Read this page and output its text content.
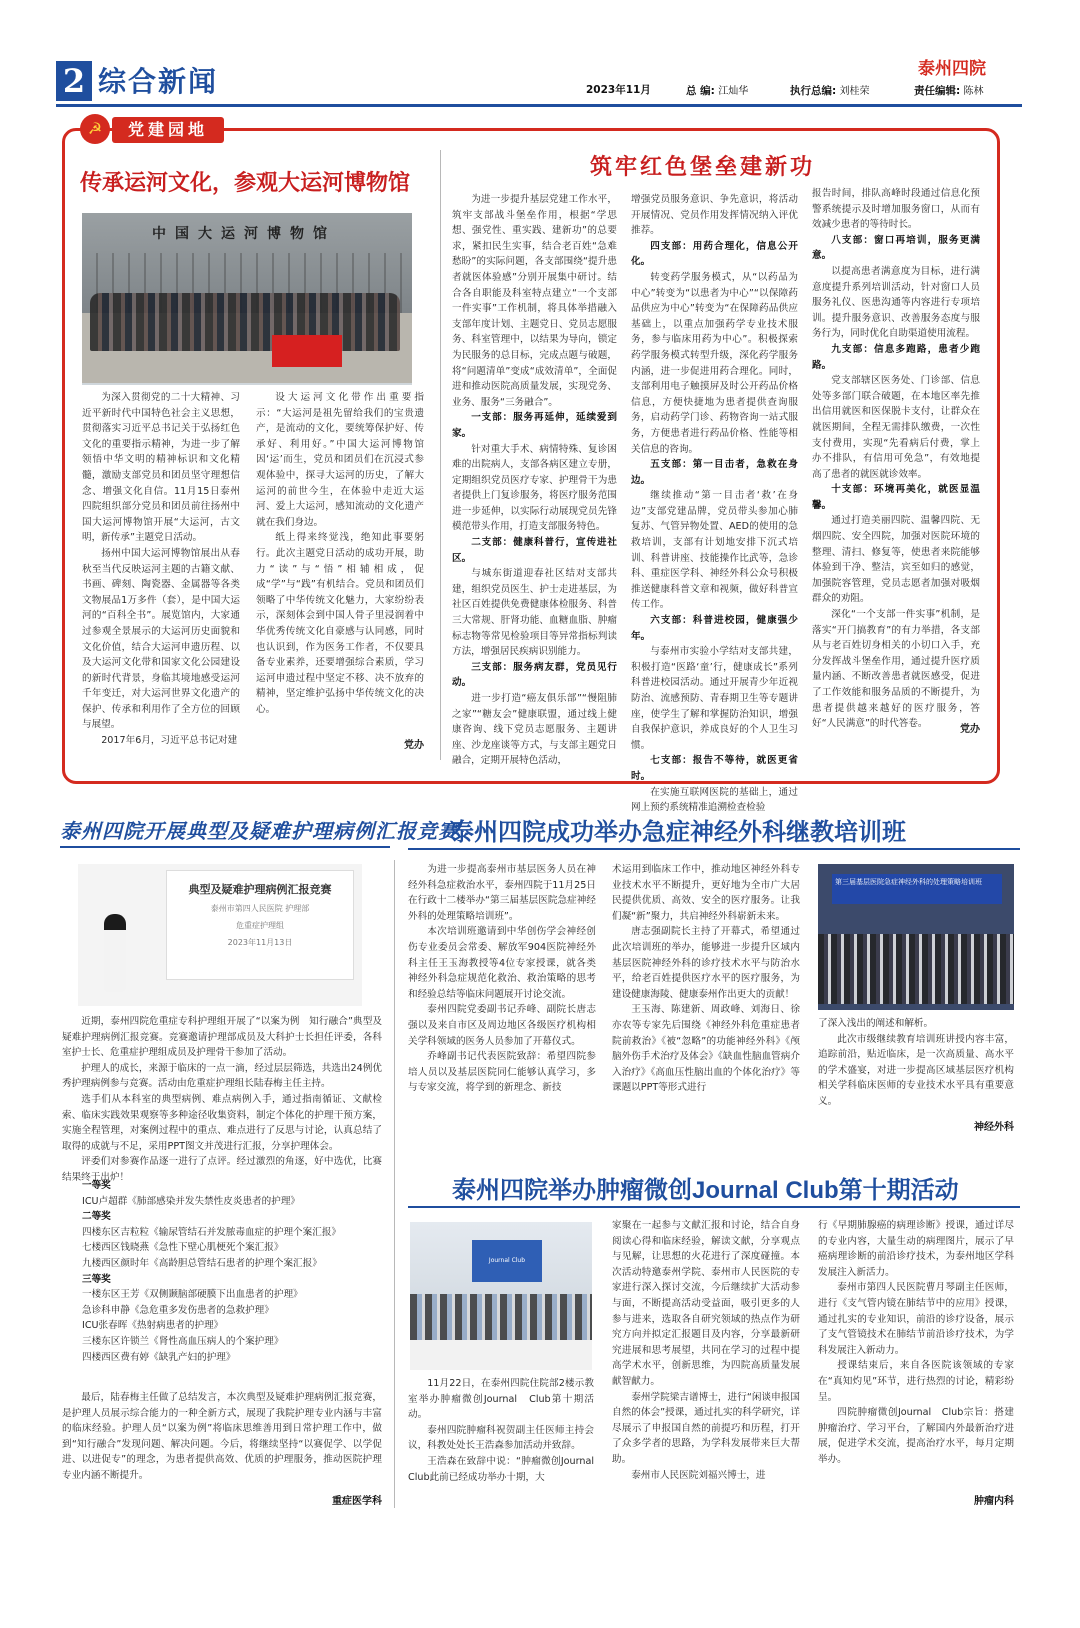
2 综合新闻	泰州四院
2023年11月	总 编: 江灿华	执行总编: 刘桂荣	责任编辑: 陈林
☭	党建园地
传承运河文化，参观大运河博物馆
中国大运河博物馆

为深入贯彻党的二十大精神、习近平新时代中国特色社会主义思想，贯彻落实习近平总书记关于弘扬红色文化的重要指示精神，为进一步了解领悟中华文明的精神标识和文化精髓，激励支部党员和团员坚守理想信念、增强文化自信。11月15日泰州四院组织部分党员和团员前往扬州中国大运河博物馆开展“大运河，古文明，新传承”主题党日活动。

扬州中国大运河博物馆展出从春秋至当代反映运河主题的古籍文献、书画、碑刻、陶瓷器、金属器等各类文物展品1万多件（套），是中国大运河的“百科全书”。展览馆内，大家通过参观全景展示的大运河历史面貌和文化价值，结合大运河申遗历程、以及大运河文化带和国家文化公园建设的新时代背景，身临其境地感受运河千年变迁，对大运河世界文化遗产的保护、传承和利用作了全方位的回顾与展望。

2017年6月，习近平总书记对建

设大运河文化带作出重要指示：“大运河是祖先留给我们的宝贵遗产，是流动的文化，要统筹保护好、传承好、利用好。”中国大运河博物馆因‘运’而生，党员和团员们在沉浸式参观体验中，探寻大运河的历史，了解大运河的前世今生，在体验中走近大运河、爱上大运河，感知流动的文化遗产就在我们身边。

纸上得来终觉浅，绝知此事要躬行。此次主题党日活动的成功开展，助力“读”与“悟”相辅相成，促成“学”与“践”有机结合。党员和团员们领略了中华传统文化魅力，大家纷纷表示，深刻体会到中国人骨子里浸润着中华优秀传统文化自豪感与认同感，同时也认识到，作为医务工作者，不仅要具备专业素养，还要增强综合素质，学习运河申遗过程中坚定不移、决不放弃的精神，坚定维护弘扬中华传统文化的决心。

党办
筑牢红色堡垒建新功

为进一步提升基层党建工作水平，筑牢支部战斗堡垒作用，根据“学思想、强党性、重实践、建新功”的总要求，紧扣民生实事，结合老百姓“急难愁盼”的实际问题，各支部围绕“提升患者就医体验感”分别开展集中研讨。结合各自职能及科室特点建立“一个支部一件实事”工作机制，将具体举措融入支部年度计划、主题党日、党员志愿服务、科室管理中，以结果为导向，锁定为民服务的总目标，完成点题与破题，将“问题清单”变成“成效清单”，全面促进和推动医院高质量发展，实现党务、业务、服务“三务融合”。

一支部：服务再延伸，延续爱到家。

针对重大手术、病情特殊、复诊困难的出院病人，支部各病区建立专册，定期组织党员医疗专家、护理骨干为患者提供上门复诊服务，将医疗服务范围进一步延伸，以实际行动展现党员先锋模范带头作用，打造支部服务特色。

二支部：健康科普行，宣传进社区。

与城东街道迎春社区结对支部共建，组织党员医生、护士走进基层，为社区百姓提供免费健康体检服务、科普三大常规、肝肾功能、血糖血脂、肿瘤标志物等常见检验项目等异常指标判读方法，增强居民疾病识别能力。

三支部：服务病友群，党员见行动。

进一步打造“癌友俱乐部”“慢阻肺之家”“糖友会”健康联盟，通过线上健康咨询、线下党员志愿服务、主题讲座、沙龙座谈等方式，与支部主题党日融合，定期开展特色活动，

增强党员服务意识、争先意识，将活动开展情况、党员作用发挥情况纳入评优推荐。

四支部：用药合理化，信息公开化。

转变药学服务模式，从“以药品为中心”转变为“以患者为中心”“以保障药品供应为中心”转变为“在保障药品供应基础上，以重点加强药学专业技术服务，参与临床用药为中心”。积极探索药学服务模式转型升级，深化药学服务内涵，进一步促进用药合理化。同时，支部利用电子触摸屏及时公开药品价格信息，方便快捷地为患者提供查询服务，启动药学门诊、药物咨询一站式服务，方便患者进行药品价格、性能等相关信息的咨询。

五支部：第一目击者，急救在身边。

继续推动“第一目击者‘救’在身边”支部党建品牌，党员带头参加心肺复苏、气管异物处置、AED的使用的急救培训，支部有计划地安排下沉式培训、科普讲座、技能操作比武等，急诊科、重症医学科、神经外科公众号积极推送健康科普文章和视频，做好科普宣传工作。

六支部：科普进校园，健康强少年。

与泰州市实验小学结对支部共建，积极打造“医路‘童’行，健康成长”系列科普进校园活动。通过开展青少年近视防治、流感预防、青春期卫生等专题讲座，使学生了解和掌握防治知识，增强自我保护意识，养成良好的个人卫生习惯。

七支部：报告不等待，就医更省时。

在实施互联网医院的基础上，通过网上预约系统精准追溯检查检验

报告时间，排队高峰时段通过信息化预警系统提示及时增加服务窗口，从而有效减少患者的等待时长。

八支部：窗口再培训，服务更满意。

以提高患者满意度为目标，进行满意度提升系列培训活动，针对窗口人员服务礼仪、医患沟通等内容进行专项培训。提升服务意识、改善服务态度与服务行为，同时优化自助渠道使用流程。

九支部：信息多跑路，患者少跑路。

党支部辖区医务处、门诊部、信息处等多部门联合破题，在本地区率先推出信用就医和医保脱卡支付，让群众在就医期间，全程无需排队缴费，一次性支付费用，实现“先看病后付费，掌上办不排队，有信用可免急”，有效地提高了患者的就医就诊效率。

十支部：环境再美化，就医显温馨。

通过打造美丽四院、温馨四院、无烟四院、安全四院，加强对医院环境的整理、清扫、修复等，使患者来院能够体验到干净、整洁，宾至如归的感觉，加强院容管理，党员志愿者加强对吸烟群众的劝阻。

深化“一个支部一件实事”机制，是落实“开门搞教育”的有力举措，各支部从与老百姓切身相关的小切口入手，充分发挥战斗堡垒作用，通过提升医疗质量内涵、不断改善患者就医感受，促进了工作效能和服务品质的不断提升，为患者提供越来越好的医疗服务，答好“人民满意”的时代答卷。

党办
泰州四院开展典型及疑难护理病例汇报竞赛
典型及疑难护理病例汇报竞赛
泰州市第四人民医院 护理部
危重症护理组
2023年11月13日

近期，泰州四院危重症专科护理组开展了“以案为例　知行融合”典型及疑难护理病例汇报竞赛。竞赛邀请护理部成员及大科护士长担任评委，各科室护士长、危重症护理组成员及护理骨干参加了活动。

护理人的成长，来源于临床的一点一滴，经过层层筛选，共选出24例优秀护理病例参与竞赛。活动由危重症护理组长陆春梅主任主持。

选手们从本科室的典型病例、难点病例入手，通过指南循证、文献检索、临床实践效果观察等多种途径收集资料，制定个体化的护理干预方案，实施全程管理，对案例过程中的重点、难点进行了反思与讨论，认真总结了取得的成就与不足，采用PPT图文并茂进行汇报，分享护理体会。

评委们对参赛作品逐一进行了点评。经过激烈的角逐，好中选优，比赛结果终于出炉！

一等奖
ICU卢超群《肺部感染并发失禁性皮炎患者的护理》
二等奖
四楼东区吉粒粒《输尿管结石并发脓毒血症的护理个案汇报》
七楼西区钱晓燕《急性下壁心肌梗死个案汇报》
九楼西区颜时年《高龄胆总管结石患者的护理个案汇报》
三等奖
一楼东区王芳《双侧颞脑部硬膜下出血患者的护理》
急诊科申静《急危重多发伤患者的急救护理》
ICU张春晖《热射病患者的护理》
三楼东区许锁兰《肾性高血压病人的个案护理》
四楼西区费有婷《缺乳产妇的护理》

最后，陆春梅主任做了总结发言，本次典型及疑难护理病例汇报竞赛，是护理人员展示综合能力的一种全新方式，展现了我院护理专业内涵与丰富的临床经验。护理人员“以案为例”将临床思维善用到日常护理工作中，做到“知行融合”发现问题、解决问题。今后，将继续坚持“以赛促学、以学促进、以进促专”的理念，为患者提供高效、优质的护理服务，推动医院护理专业内涵不断提升。

重症医学科
泰州四院成功举办急症神经外科继教培训班

为进一步提高泰州市基层医务人员在神经外科急症救治水平，泰州四院于11月25日在行政十二楼举办“第三届基层医院急症神经外科的处理策略培训班”。

本次培训班邀请到中华创伤学会神经创伤专业委员会常委、解放军904医院神经外科主任王玉海教授等4位专家授课，就各类神经外科急症规范化救治、救治策略的思考和经验总结等临床问题展开讨论交流。

泰州四院党委副书记乔峰、副院长唐志强以及来自市区及周边地区各级医疗机构相关学科领域的医务人员参加了开幕仪式。

乔峰副书记代表医院致辞：希望四院参培人员以及基层医院同仁能够认真学习，多与专家交流，将学到的新理念、新技

术运用到临床工作中，推动地区神经外科专业技术水平不断提升，更好地为全市广大居民提供优质、高效、安全的医疗服务。让我们凝“新”聚力，共启神经外科崭新未来。

唐志强副院长主持了开幕式，希望通过此次培训班的举办，能够进一步提升区域内基层医院神经外科的诊疗技术水平与防治水平，给老百姓提供医疗水平的医疗服务，为建设健康海陵、健康泰州作出更大的贡献！

王玉海、陈建新、周政峰、刘海日、徐亦农等专家先后围绕《神经外科危重症患者院前救治》《被“忽略”的功能神经外科》《颅脑外伤手术治疗及体会》《缺血性脑血管病介入治疗》《高血压性脑出血的个体化治疗》等课题以PPT等形式进行

第三届基层医院急症神经外科的处理策略培训班

了深入浅出的阐述和解析。

此次市级继续教育培训班讲授内容丰富，追踪前沿，贴近临床，是一次高质量、高水平的学术盛宴，对进一步提高区域基层医疗机构相关学科临床医师的专业技术水平具有重要意义。

神经外科
泰州四院举办肿瘤微创Journal Club第十期活动
Journal Club

11月22日，在泰州四院住院部2楼示教室举办肿瘤微创Journal　Club第十期活动。

泰州四院肿瘤科祝贺副主任医师主持会议，科教处处长王浩森参加活动并致辞。

王浩森在致辞中说：“肿瘤微创Journal　Club此前已经成功举办十期，大

家聚在一起参与文献汇报和讨论，结合自身阅读心得和临床经验，解读文献，分享观点与见解，让思想的火花进行了深度碰撞。本次活动特邀泰州学院、泰州市人民医院的专家进行深入探讨交流，今后继续扩大活动参与面，不断提高活动受益面，吸引更多的人参与进来，选取各自研究领域的热点作为研究方向并拟定汇报题目及内容，分享最新研究进展和思考展望，共同在学习的过程中提高学术水平，创新思维，为四院高质量发展献智献力。

泰州学院梁吉谱博士，进行“闲谈申报国自然的体会”授课，通过扎实的科学研究，详尽展示了申报国自然的前提巧和历程，打开了众多学者的思路，为学科发展带来巨大帮助。

泰州市人民医院刘福兴博士，进

行《早期肺腺癌的病理诊断》授课，通过详尽的专业内容，大量生动的病理图片，展示了早癌病理诊断的前沿诊疗技术，为泰州地区学科发展注入新活力。

泰州市第四人民医院曹月琴副主任医师，进行《支气管内镜在肺结节中的应用》授课，通过扎实的专业知识，前沿的诊疗设备，展示了支气管镜技术在肺结节前沿诊疗技术，为学科发展注入新动力。

授课结束后，来自各医院该领域的专家在“真知灼见”环节，进行热烈的讨论，精彩纷呈。

四院肿瘤微创Journal　Club宗旨：搭建肿瘤治疗、学习平台，了解国内外最新治疗进展，促进学术交流，提高治疗水平，每月定期举办。

肿瘤内科
